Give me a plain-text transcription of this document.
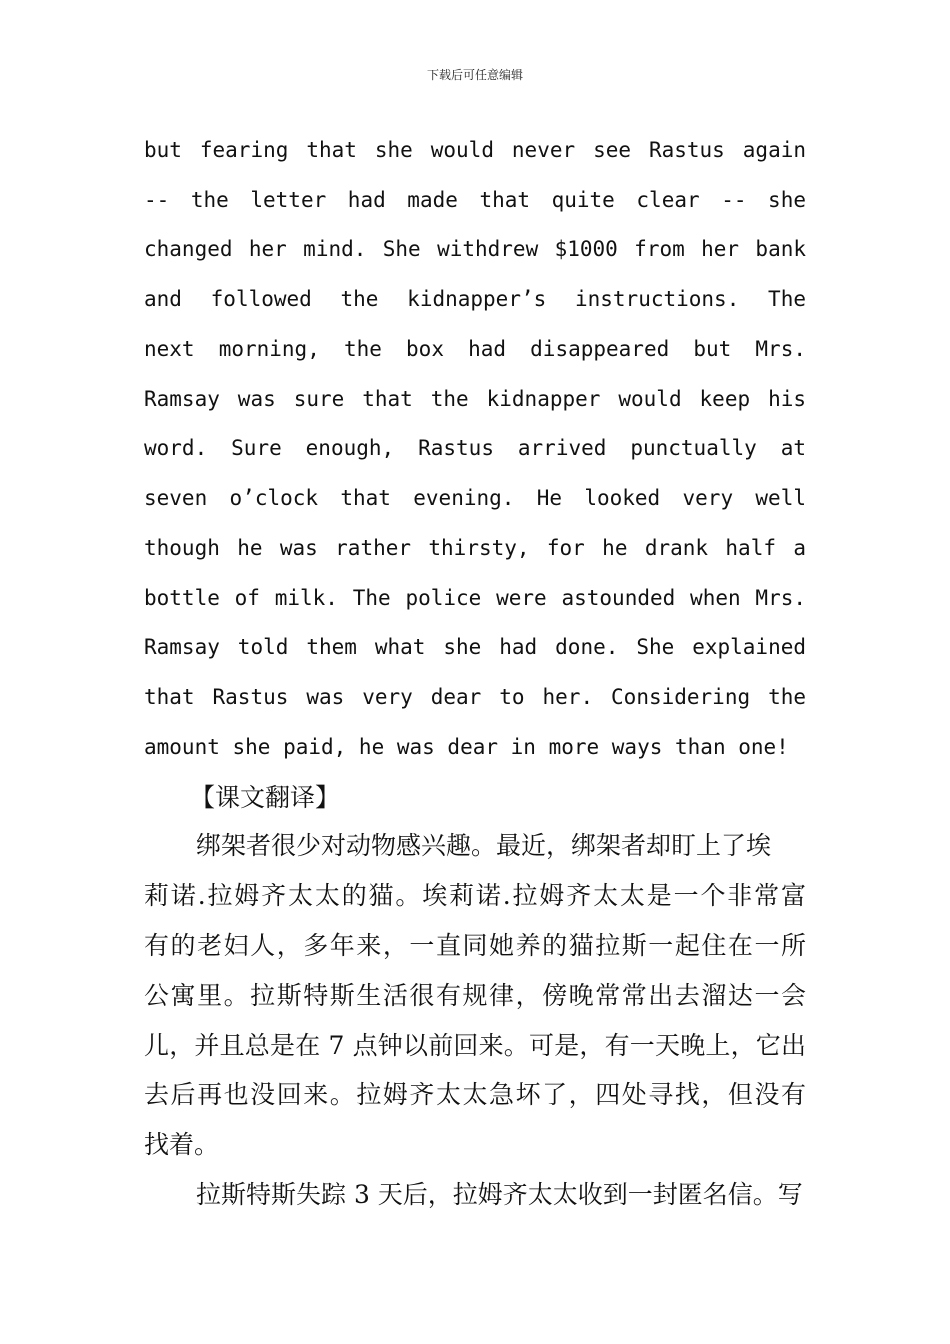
下载后可任意编辑
but fearing that she would never see Rastus again
-- the letter had made that quite clear -- she
changed her mind. She withdrew $1000 from her bank
and followed the kidnapper’s instructions. The
next morning, the box had disappeared but Mrs.
Ramsay was sure that the kidnapper would keep his
word. Sure enough, Rastus arrived punctually at
seven o’clock that evening. He looked very well
though he was rather thirsty, for he drank half a
bottle of milk. The police were astounded when Mrs.
Ramsay told them what she had done. She explained
that Rastus was very dear to her. Considering the
amount she paid, he was dear in more ways than one!
【课文翻译】
绑架者很少对动物感兴趣。最近，绑架者却盯上了埃
莉诺.拉姆齐太太的猫。埃莉诺.拉姆齐太太是一个非常富
有的老妇人，多年来，一直同她养的猫拉斯一起住在一所
公寓里。拉斯特斯生活很有规律，傍晚常常出去溜达一会
儿，并且总是在 7 点钟以前回来。可是，有一天晚上，它出
去后再也没回来。拉姆齐太太急坏了，四处寻找，但没有
找着。
拉斯特斯失踪 3 天后，拉姆齐太太收到一封匿名信。写
